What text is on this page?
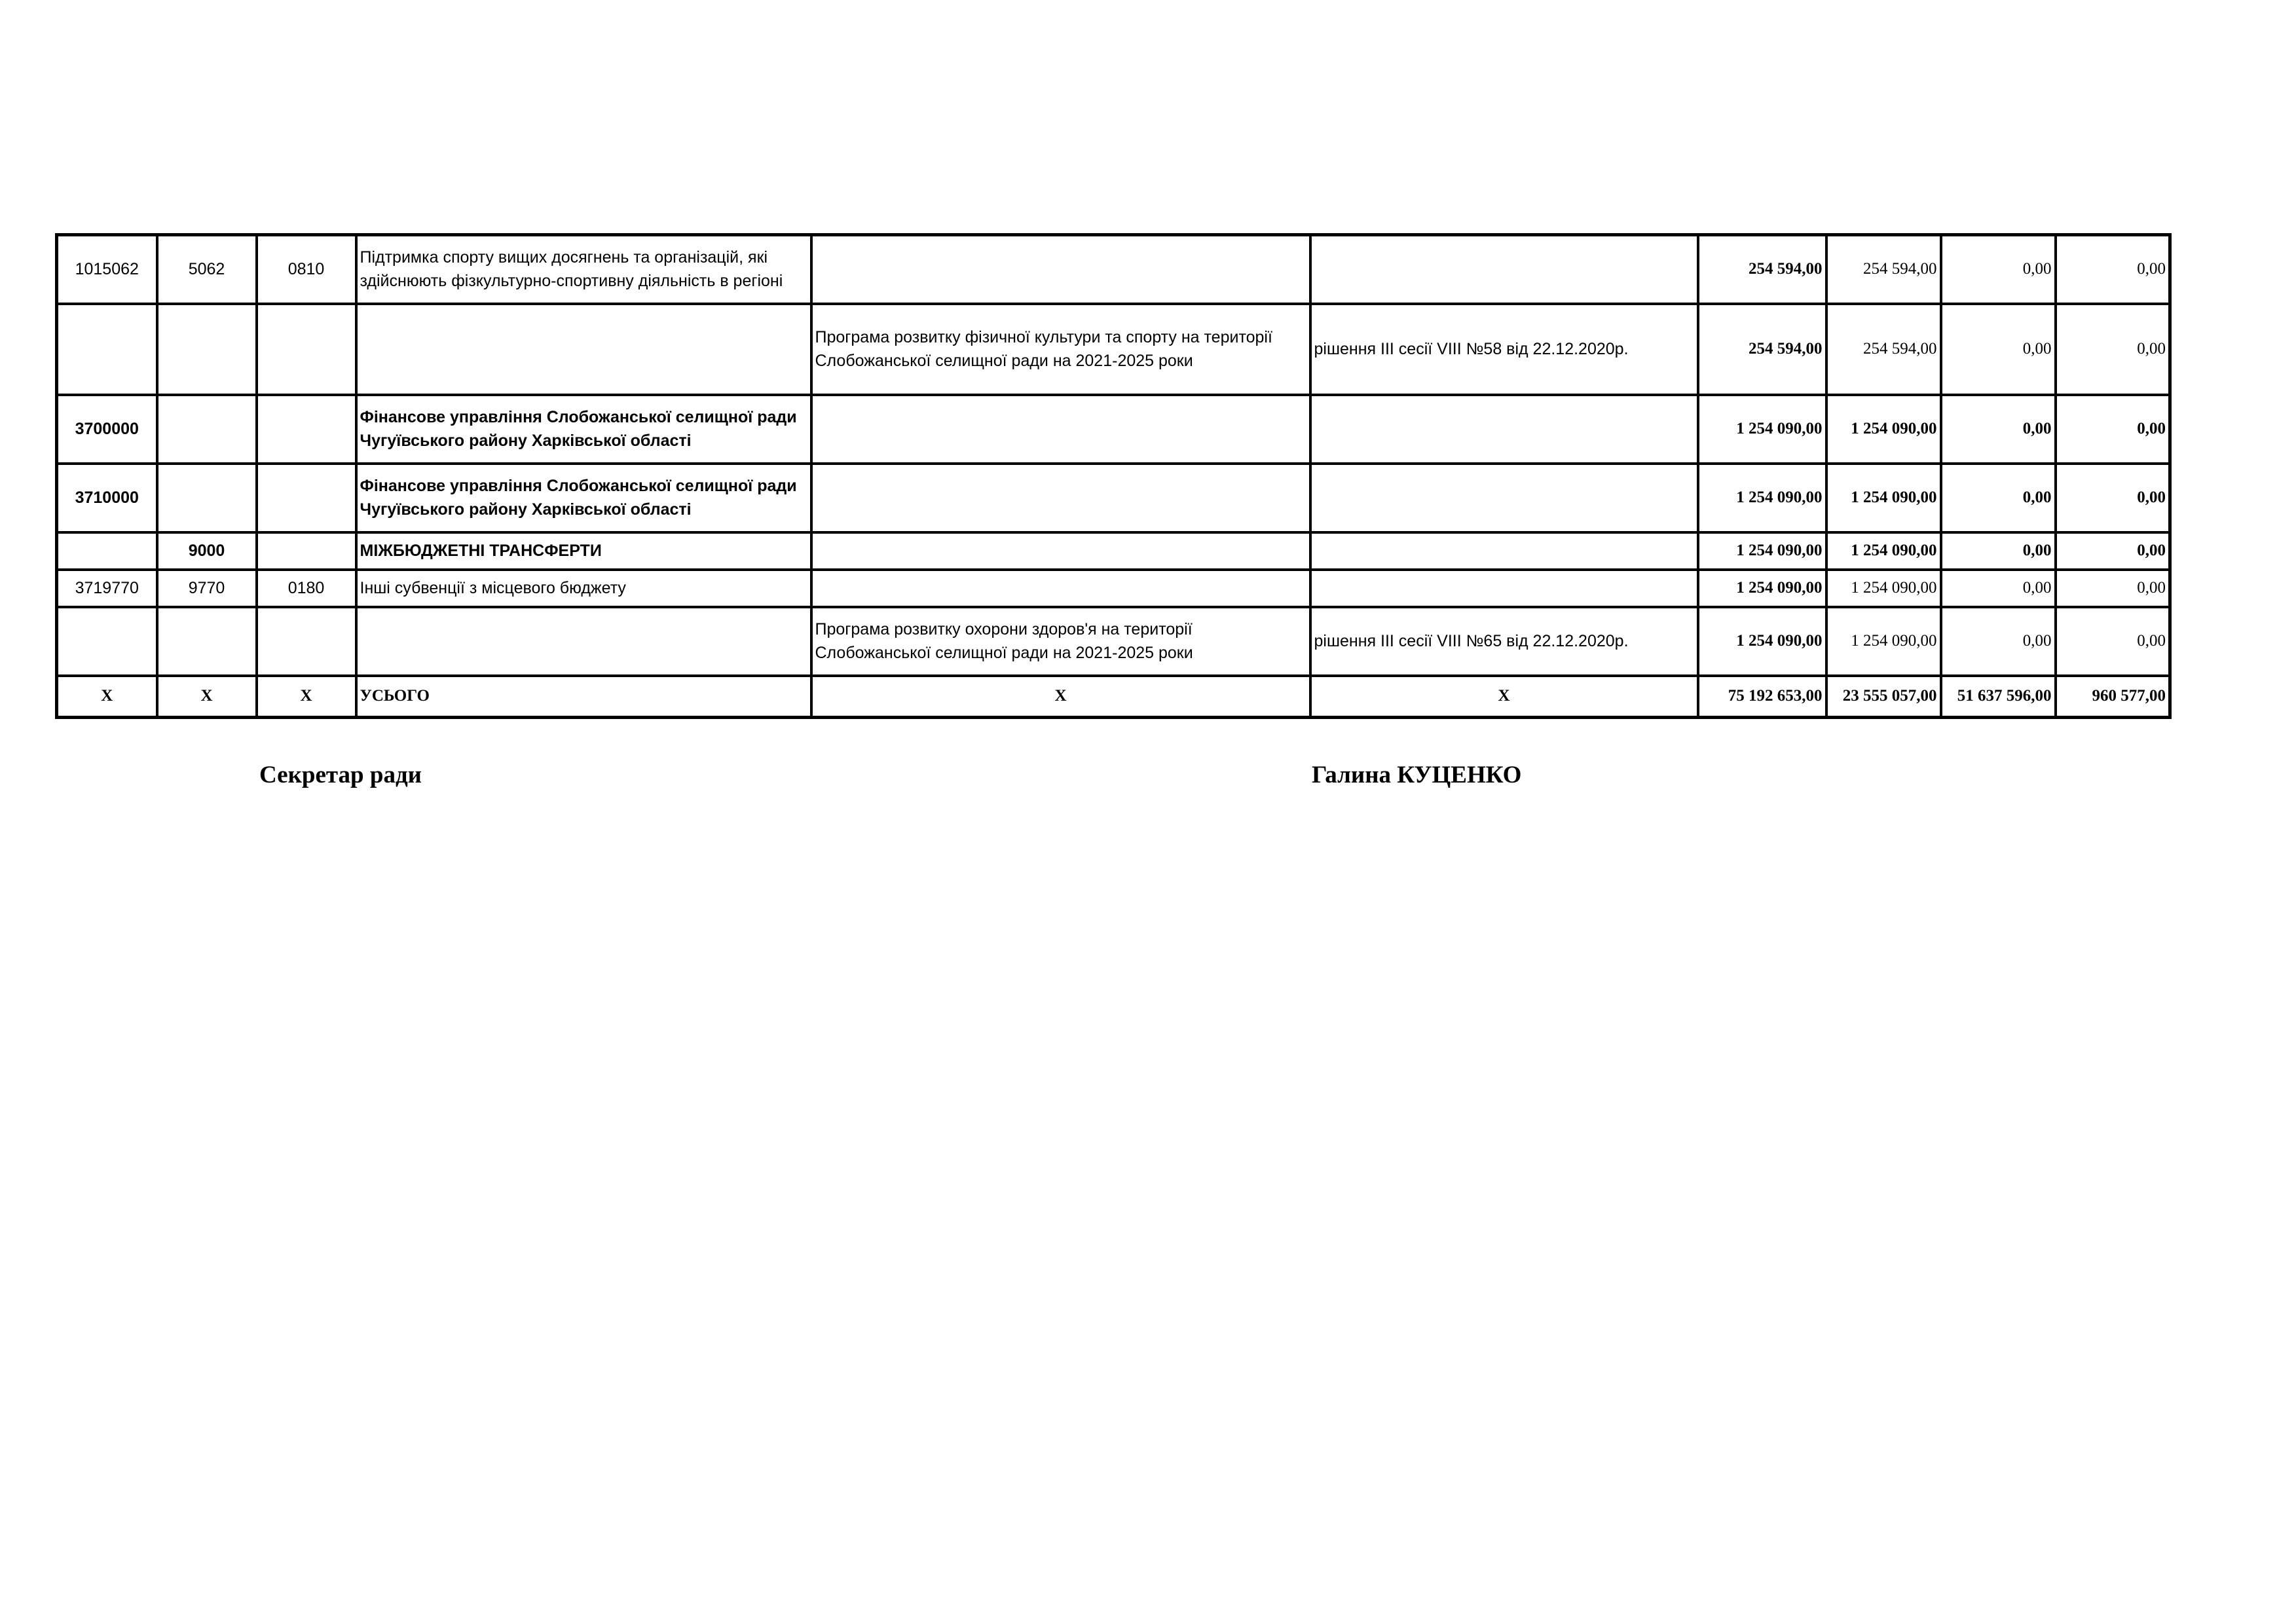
1015062	5062	0810	Підтримка спорту вищих досягнень та організацій, які здійснюють фізкультурно-спортивну діяльність в регіоні			254 594,00	254 594,00	0,00	0,00
				Програма розвитку фізичної культури та спорту на території Слобожанської селищної ради на 2021-2025 роки	рішення ІІІ сесії VІІІ №58 від 22.12.2020р.	254 594,00	254 594,00	0,00	0,00
3700000			Фінансове управління Слобожанської селищної ради Чугуївського району Харківської області			1 254 090,00	1 254 090,00	0,00	0,00
3710000			Фінансове управління Слобожанської селищної ради Чугуївського району Харківської області			1 254 090,00	1 254 090,00	0,00	0,00
	9000		МІЖБЮДЖЕТНІ ТРАНСФЕРТИ			1 254 090,00	1 254 090,00	0,00	0,00
3719770	9770	0180	Інші субвенції з місцевого бюджету			1 254 090,00	1 254 090,00	0,00	0,00
				Програма розвитку охорони здоров'я на території Слобожанської селищної ради на 2021-2025 роки	рішення ІІІ сесії VІІІ №65 від 22.12.2020р.	1 254 090,00	1 254 090,00	0,00	0,00
Х	Х	Х	УСЬОГО	Х	Х	75 192 653,00	23 555 057,00	51 637 596,00	960 577,00
Секретар ради	Галина КУЦЕНКО
